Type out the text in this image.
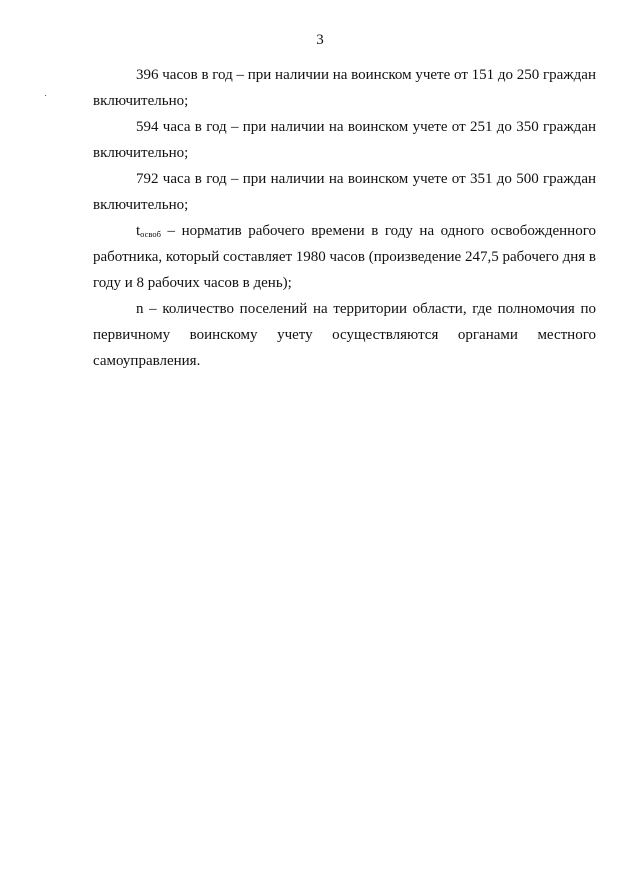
3

396 часов в год – при наличии на воинском учете от 151 до 250 граждан включительно;

594 часа в год – при наличии на воинском учете от 251 до 350 граждан включительно;

792 часа в год – при наличии на воинском учете от 351 до 500 граждан включительно;

$t_{освоб}$ – норматив рабочего времени в году на одного освобожденного работника, который составляет 1980 часов (произведение 247,5 рабочего дня в году и 8 рабочих часов в день);

n – количество поселений на территории области, где полномочия по первичному воинскому учету осуществляются органами местного самоуправления.
